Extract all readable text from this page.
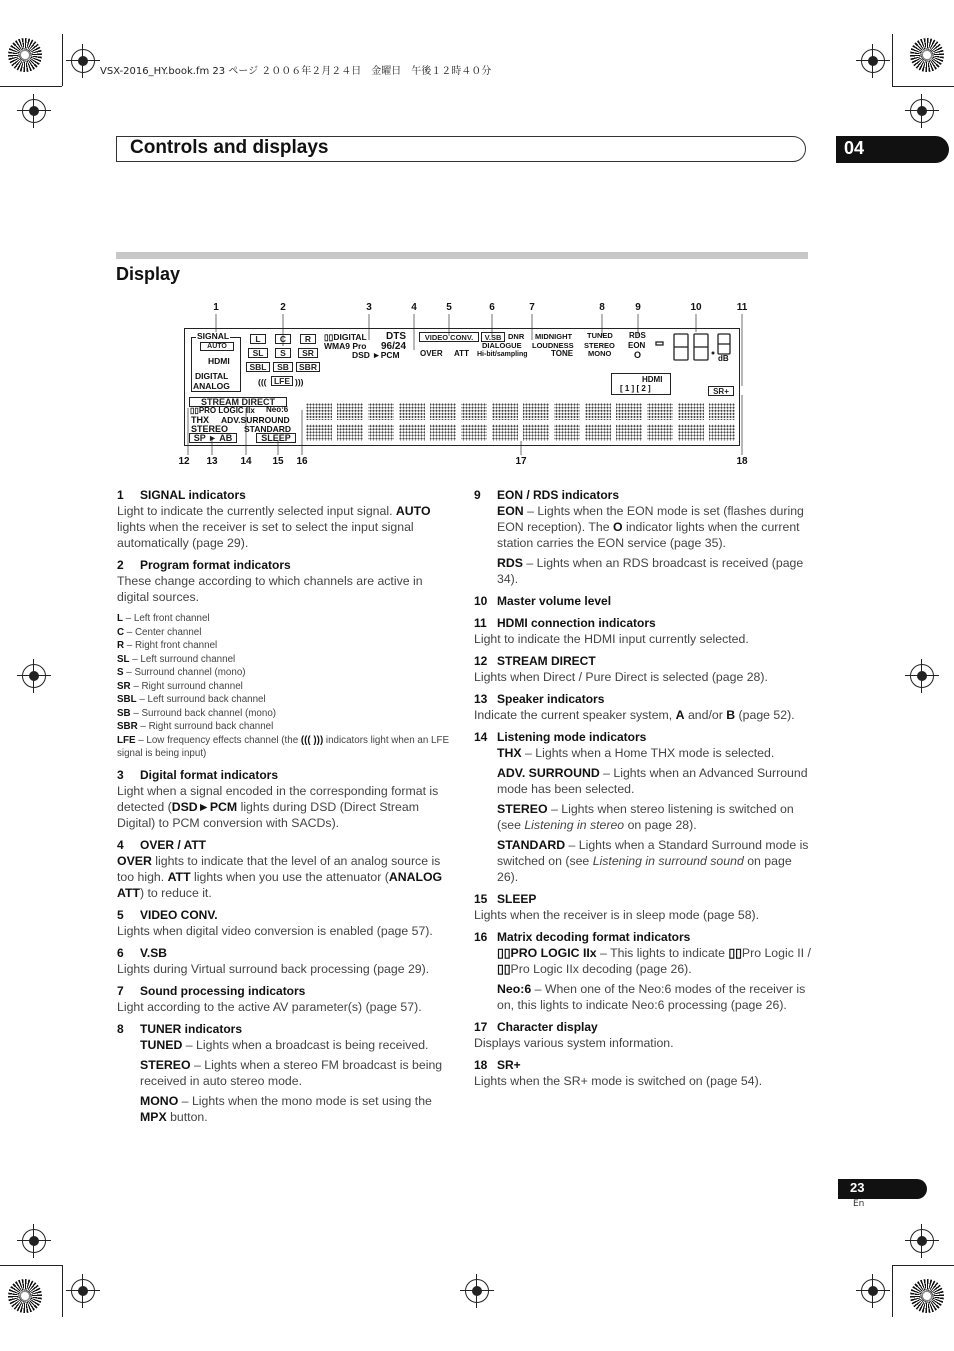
VSX-2016_HY.book.fm 23 ページ ２００６年２月２４日　金曜日　午後１２時４０分
Controls and displays	04
Display
1	2	3	4	5	6	7	8	9	10	11
12 13 14 15 16	17	18
SIGNAL
AUTO
HDMI
DIGITAL
ANALOG
L	C	R
SL	S	SR
SBL	SB	SBR
((( LFE )))
▯▯DIGITAL DTS
WMA9 Pro 96/24
DSD ►PCM
VIDEO CONV.	V.SB DNR MIDNIGHT
OVER ATT
DIALOGUE LOUDNESS
Hi-bit/sampling	TONE
TUNED
STEREO
MONO
RDS
EON
O	dB
HDMI
[ 1 ] [ 2 ]	SR+
STREAM DIRECT
▯▯PRO LOGIC IIx Neo:6
THX ADV.SURROUND
STEREO STANDARD
SP ► AB	SLEEP

1 SIGNAL indicators

Light to indicate the currently selected input signal. AUTO lights when the receiver is set to select the input signal automatically (page 29).

2 Program format indicators

These change according to which channels are active in digital sources.

L – Left front channel

C – Center channel

R – Right front channel

SL – Left surround channel

S – Surround channel (mono)

SR – Right surround channel

SBL – Left surround back channel

SB – Surround back channel (mono)

SBR – Right surround back channel

LFE – Low frequency effects channel (the ((( ))) indicators light when an LFE signal is being input)

3 Digital format indicators

Light when a signal encoded in the corresponding format is detected (DSD►PCM lights during DSD (Direct Stream Digital) to PCM conversion with SACDs).

4 OVER / ATT

OVER lights to indicate that the level of an analog source is too high. ATT lights when you use the attenuator (ANALOG ATT) to reduce it.

5 VIDEO CONV.

Lights when digital video conversion is enabled (page 57).

6 V.SB

Lights during Virtual surround back processing (page 29).

7 Sound processing indicators

Light according to the active AV parameter(s) (page 57).

8 TUNER indicators

TUNED – Lights when a broadcast is being received.

STEREO – Lights when a stereo FM broadcast is being received in auto stereo mode.

MONO – Lights when the mono mode is set using the MPX button.

9 EON / RDS indicators

EON – Lights when the EON mode is set (flashes during EON reception). The O indicator lights when the current station carries the EON service (page 35).

RDS – Lights when an RDS broadcast is received (page 34).

10 Master volume level

11 HDMI connection indicators

Light to indicate the HDMI input currently selected.

12 STREAM DIRECT

Lights when Direct / Pure Direct is selected (page 28).

13 Speaker indicators

Indicate the current speaker system, A and/or B (page 52).

14 Listening mode indicators

THX – Lights when a Home THX mode is selected.

ADV. SURROUND – Lights when an Advanced Surround mode has been selected.

STEREO – Lights when stereo listening is switched on (see Listening in stereo on page 28).

STANDARD – Lights when a Standard Surround mode is switched on (see Listening in surround sound on page 26).

15 SLEEP

Lights when the receiver is in sleep mode (page 58).

16 Matrix decoding format indicators

▯▯PRO LOGIC IIx – This lights to indicate ▯▯Pro Logic II / ▯▯Pro Logic IIx decoding (page 26).

Neo:6 – When one of the Neo:6 modes of the receiver is on, this lights to indicate Neo:6 processing (page 26).

17 Character display

Displays various system information.

18 SR+

Lights when the SR+ mode is switched on (page 54).

23
En
